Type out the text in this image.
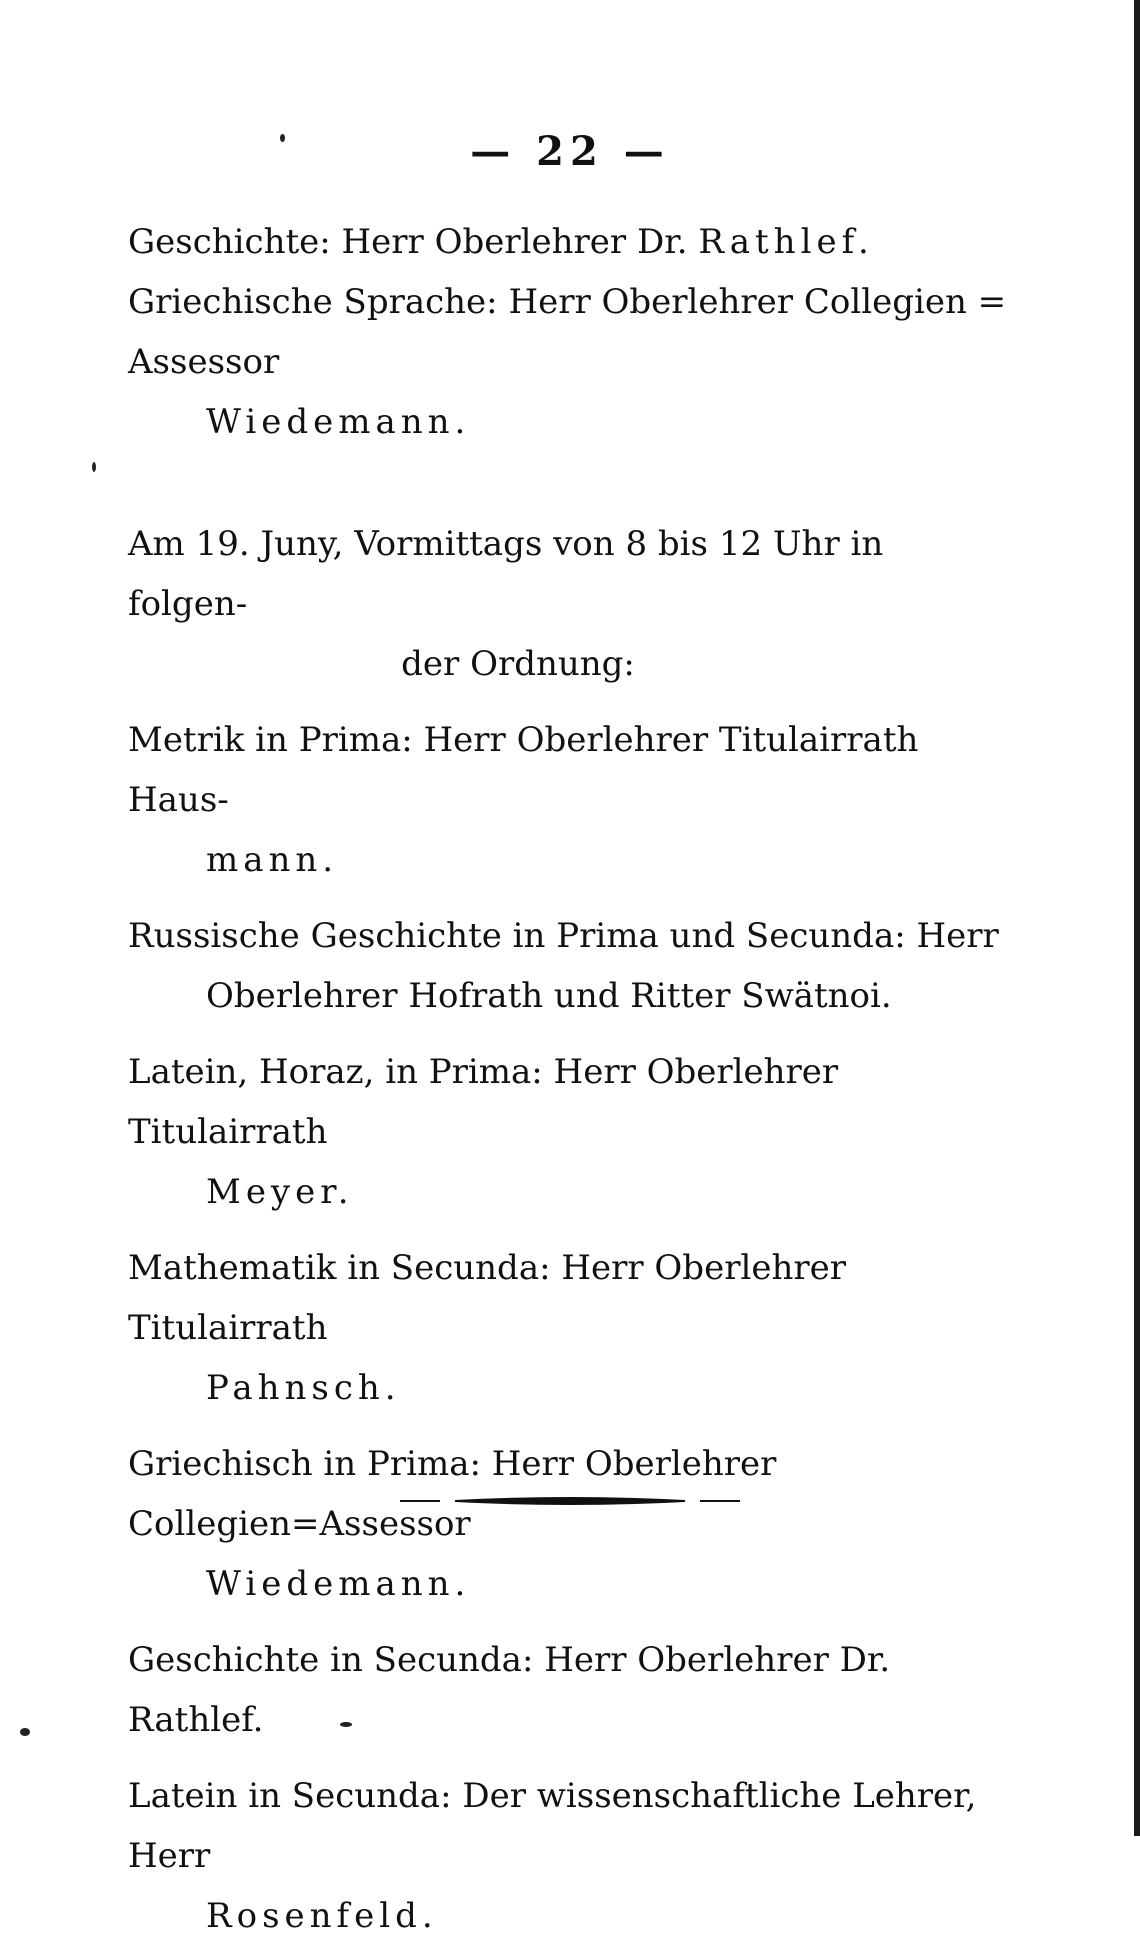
— 22 —

Geschichte: Herr Oberlehrer Dr. Rathlef.

Griechische Sprache: Herr Oberlehrer Collegien = Assessor
Wiedemann.

Am 19. Juny, Vormittags von 8 bis 12 Uhr in folgen-
der Ordnung:

Metrik in Prima: Herr Oberlehrer Titulairrath Haus-
mann.

Russische Geschichte in Prima und Secunda: Herr
Oberlehrer Hofrath und Ritter Swätnoi.

Latein, Horaz, in Prima: Herr Oberlehrer Titulairrath
Meyer.

Mathematik in Secunda: Herr Oberlehrer Titulairrath
Pahnsch.

Griechisch in Prima: Herr Oberlehrer Collegien=Assessor
Wiedemann.

Geschichte in Secunda: Herr Oberlehrer Dr. Rathlef.

Latein in Secunda: Der wissenschaftliche Lehrer, Herr
Rosenfeld.
